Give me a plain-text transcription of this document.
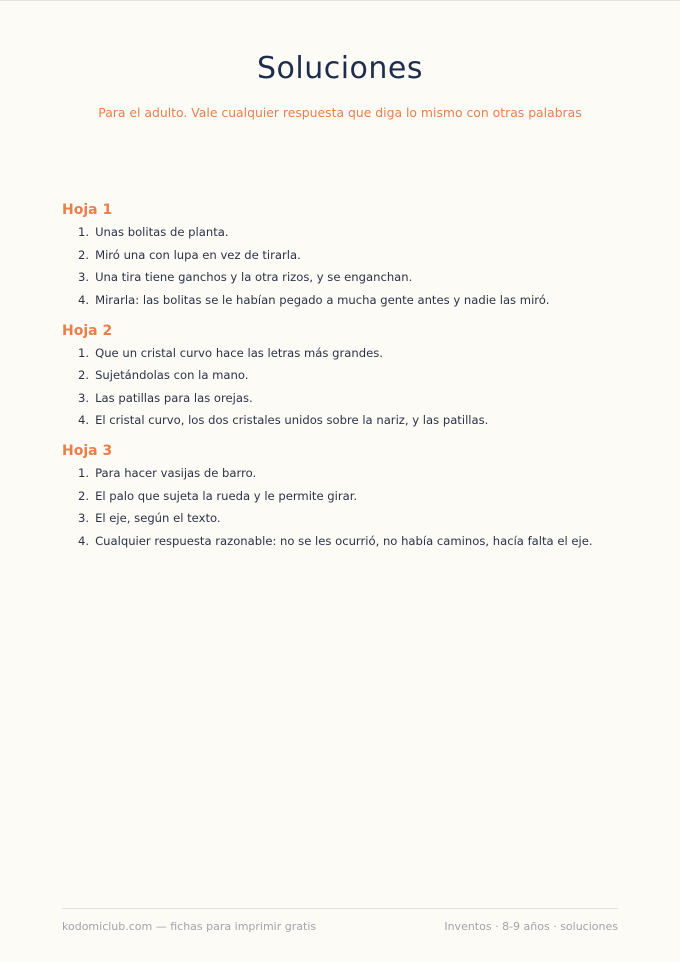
Soluciones
Para el adulto. Vale cualquier respuesta que diga lo mismo con otras palabras
Hoja 1
1. Unas bolitas de planta.
2. Miró una con lupa en vez de tirarla.
3. Una tira tiene ganchos y la otra rizos, y se enganchan.
4. Mirarla: las bolitas se le habían pegado a mucha gente antes y nadie las miró.
Hoja 2
1. Que un cristal curvo hace las letras más grandes.
2. Sujetándolas con la mano.
3. Las patillas para las orejas.
4. El cristal curvo, los dos cristales unidos sobre la nariz, y las patillas.
Hoja 3
1. Para hacer vasijas de barro.
2. El palo que sujeta la rueda y le permite girar.
3. El eje, según el texto.
4. Cualquier respuesta razonable: no se les ocurrió, no había caminos, hacía falta el eje.
kodomiclub.com — fichas para imprimir gratis	Inventos · 8-9 años · soluciones
